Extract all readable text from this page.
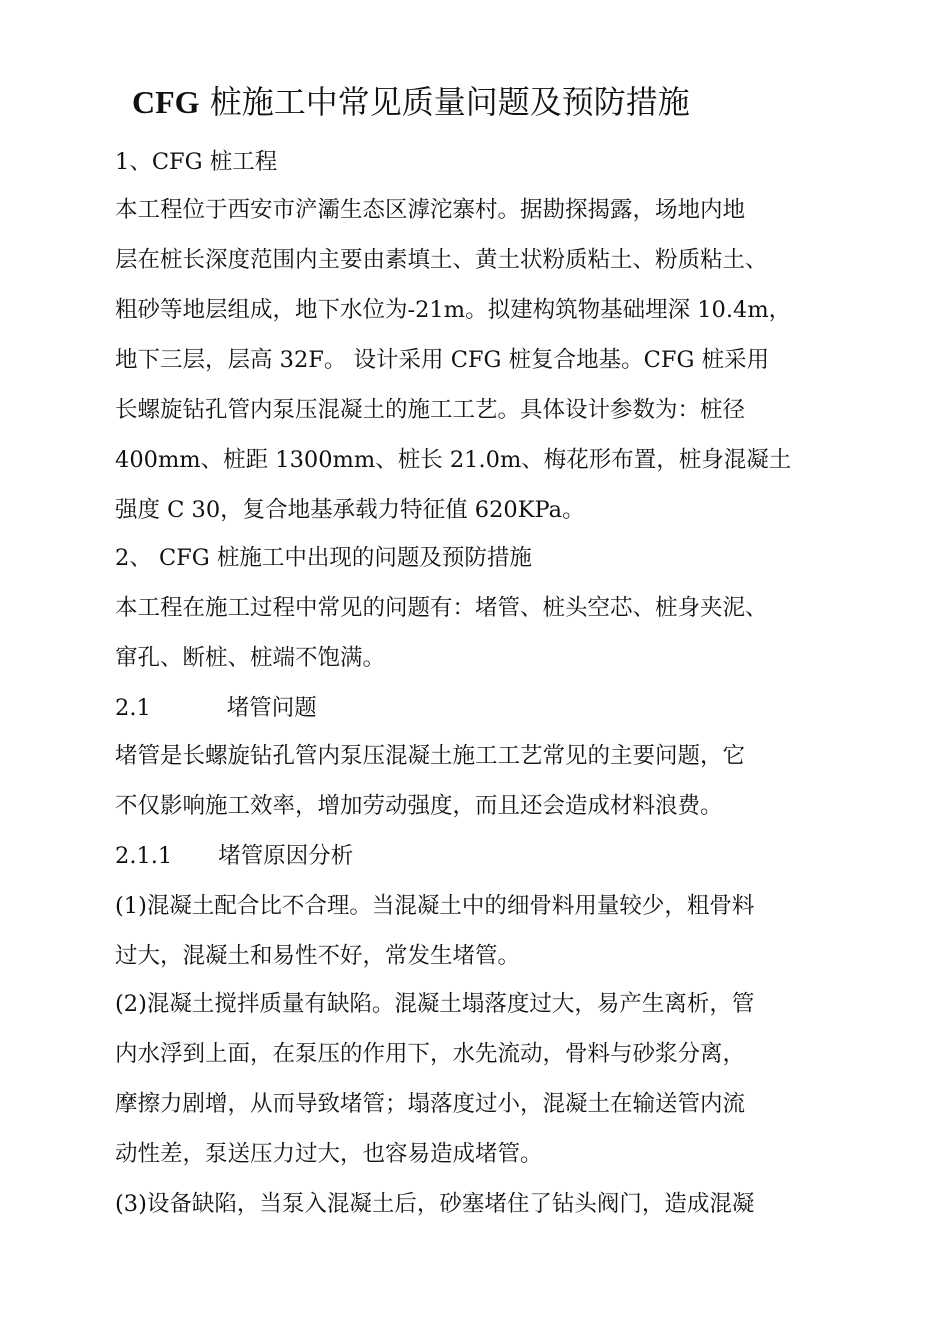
CFG 桩施工中常见质量问题及预防措施
1、CFG 桩工程
本工程位于西安市浐灞生态区滹沱寨村。据勘探揭露，场地内地
层在桩长深度范围内主要由素填土、黄土状粉质粘土、粉质粘土、
粗砂等地层组成，地下水位为-21m。拟建构筑物基础埋深 10.4m，
地下三层，层高 32F。 设计采用 CFG 桩复合地基。CFG 桩采用
长螺旋钻孔管内泵压混凝土的施工工艺。具体设计参数为：桩径
400mm、桩距 1300mm、桩长 21.0m、梅花形布置，桩身混凝土
强度 C 30，复合地基承载力特征值 620KPa。
2、 CFG 桩施工中出现的问题及预防措施
本工程在施工过程中常见的问题有：堵管、桩头空芯、桩身夹泥、
窜孔、断桩、桩端不饱满。
2.1	堵管问题
堵管是长螺旋钻孔管内泵压混凝土施工工艺常见的主要问题，它
不仅影响施工效率，增加劳动强度，而且还会造成材料浪费。
2.1.1 堵管原因分析
(1)混凝土配合比不合理。当混凝土中的细骨料用量较少，粗骨料
过大，混凝土和易性不好，常发生堵管。
(2)混凝土搅拌质量有缺陷。混凝土塌落度过大，易产生离析，管
内水浮到上面，在泵压的作用下，水先流动，骨料与砂浆分离，
摩擦力剧增，从而导致堵管；塌落度过小，混凝土在输送管内流
动性差，泵送压力过大，也容易造成堵管。
(3)设备缺陷，当泵入混凝土后，砂塞堵住了钻头阀门，造成混凝
